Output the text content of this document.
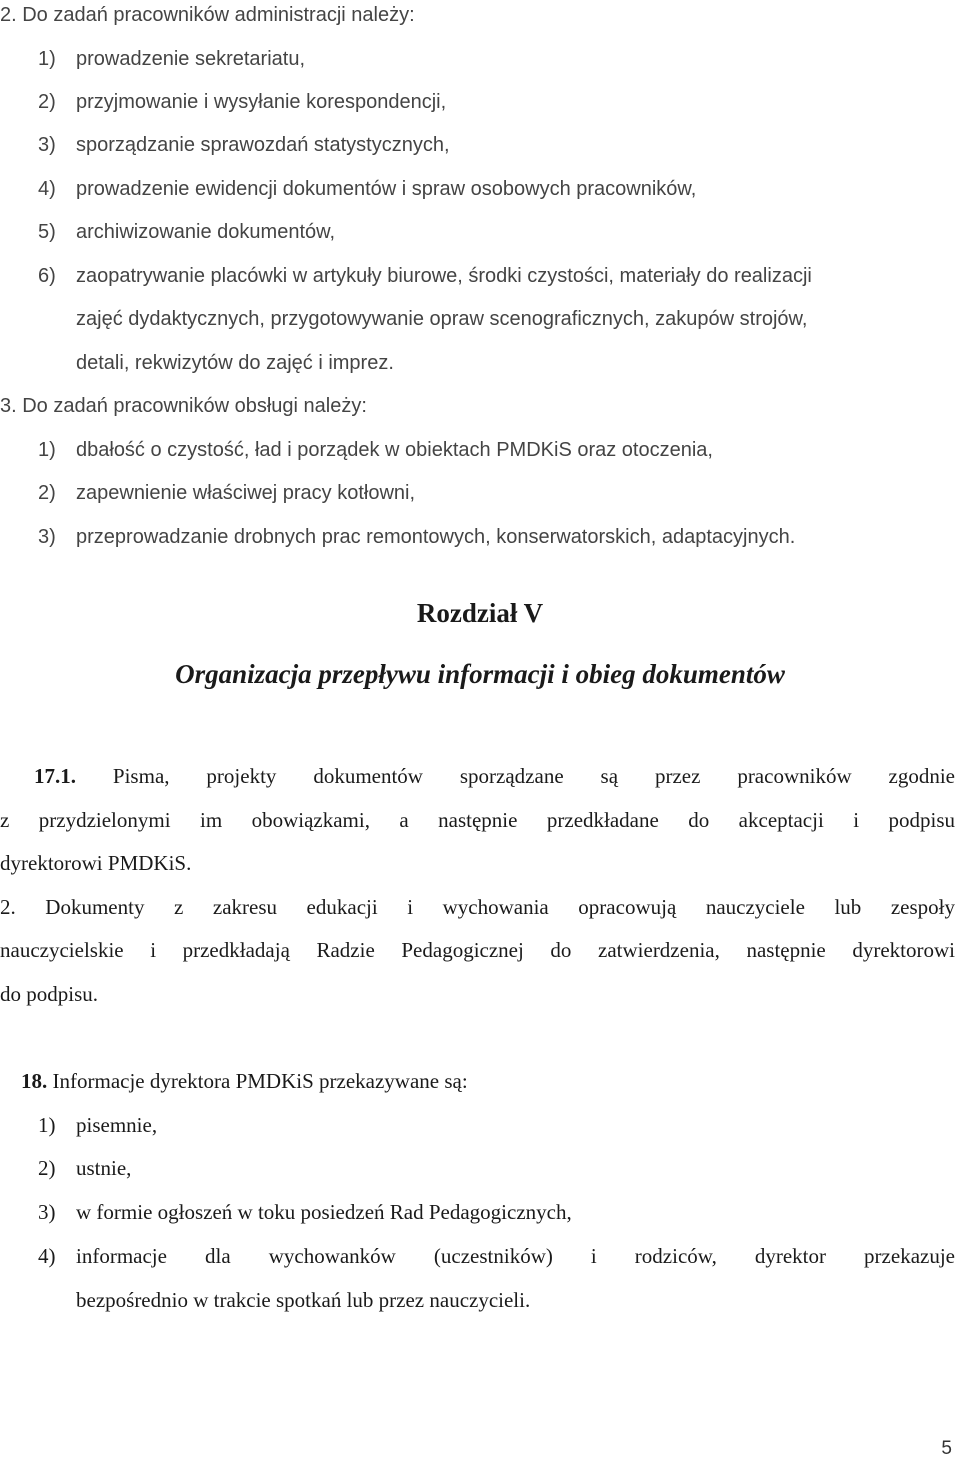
2. Do zadań pracowników administracji należy:
1) prowadzenie sekretariatu,
2) przyjmowanie i wysyłanie korespondencji,
3) sporządzanie sprawozdań statystycznych,
4) prowadzenie ewidencji dokumentów i spraw osobowych pracowników,
5) archiwizowanie dokumentów,
6) zaopatrywanie placówki w artykuły biurowe, środki czystości, materiały do realizacji
zajęć dydaktycznych, przygotowywanie opraw scenograficznych, zakupów strojów,
detali, rekwizytów do zajęć i imprez.
3. Do zadań pracowników obsługi należy:
1) dbałość o czystość, ład i porządek w obiektach PMDKiS oraz otoczenia,
2) zapewnienie właściwej pracy kotłowni,
3) przeprowadzanie drobnych prac remontowych, konserwatorskich, adaptacyjnych.
Rozdział V
Organizacja przepływu informacji i obieg dokumentów
17.1. Pisma, projekty dokumentów sporządzane są przez pracowników zgodnie
z przydzielonymi im obowiązkami, a następnie przedkładane do akceptacji i podpisu
dyrektorowi PMDKiS.
2. Dokumenty z zakresu edukacji i wychowania opracowują nauczyciele lub zespoły
nauczycielskie i przedkładają Radzie Pedagogicznej do zatwierdzenia, następnie dyrektorowi
do podpisu.
18. Informacje dyrektora PMDKiS przekazywane są:
1) pisemnie,
2) ustnie,
3) w formie ogłoszeń w toku posiedzeń Rad Pedagogicznych,
4) informacje dla wychowanków (uczestników) i rodziców, dyrektor przekazuje
bezpośrednio w trakcie spotkań lub przez nauczycieli.
5
